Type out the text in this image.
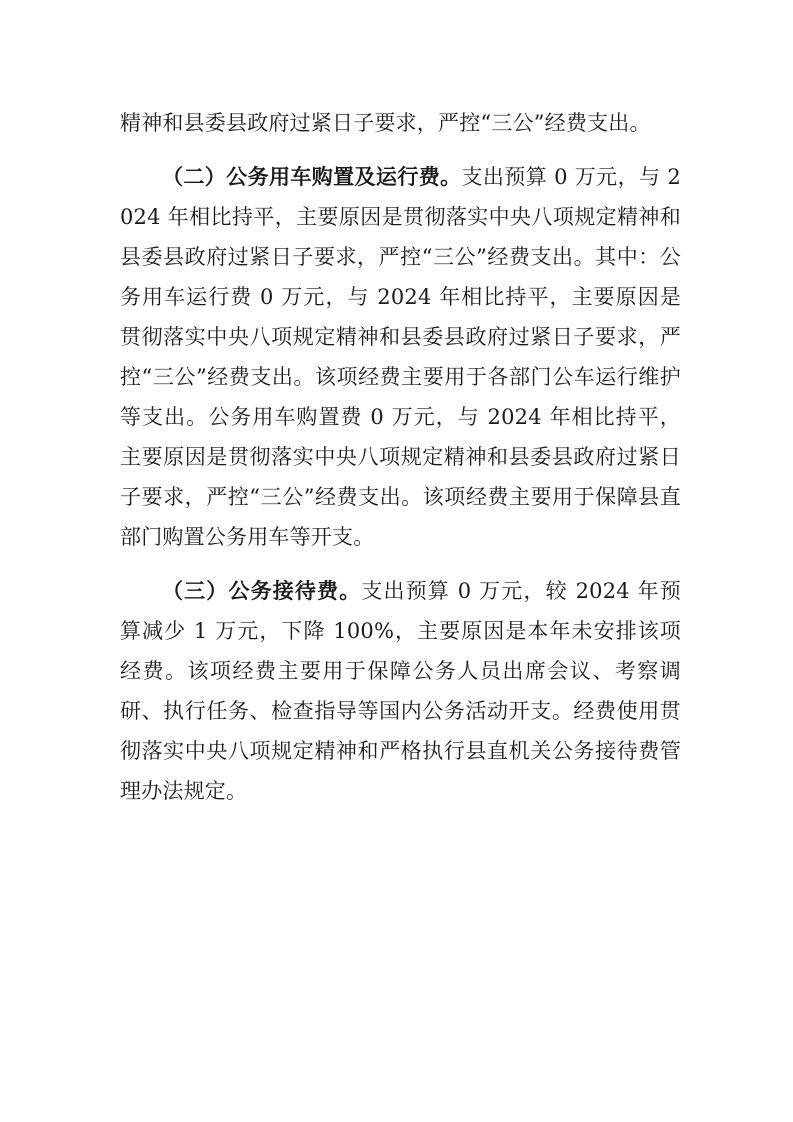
精神和县委县政府过紧日子要求，严控“三公”经费支出。

（二）公务用车购置及运行费。支出预算 0 万元，与 2024 年相比持平，主要原因是贯彻落实中央八项规定精神和县委县政府过紧日子要求，严控“三公”经费支出。其中：公务用车运行费 0 万元，与 2024 年相比持平，主要原因是贯彻落实中央八项规定精神和县委县政府过紧日子要求，严控“三公”经费支出。该项经费主要用于各部门公车运行维护等支出。公务用车购置费 0 万元，与 2024 年相比持平，主要原因是贯彻落实中央八项规定精神和县委县政府过紧日子要求，严控“三公”经费支出。该项经费主要用于保障县直部门购置公务用车等开支。

（三）公务接待费。支出预算 0 万元，较 2024 年预算减少 1 万元，下降 100%，主要原因是本年未安排该项经费。该项经费主要用于保障公务人员出席会议、考察调研、执行任务、检查指导等国内公务活动开支。经费使用贯彻落实中央八项规定精神和严格执行县直机关公务接待费管理办法规定。
